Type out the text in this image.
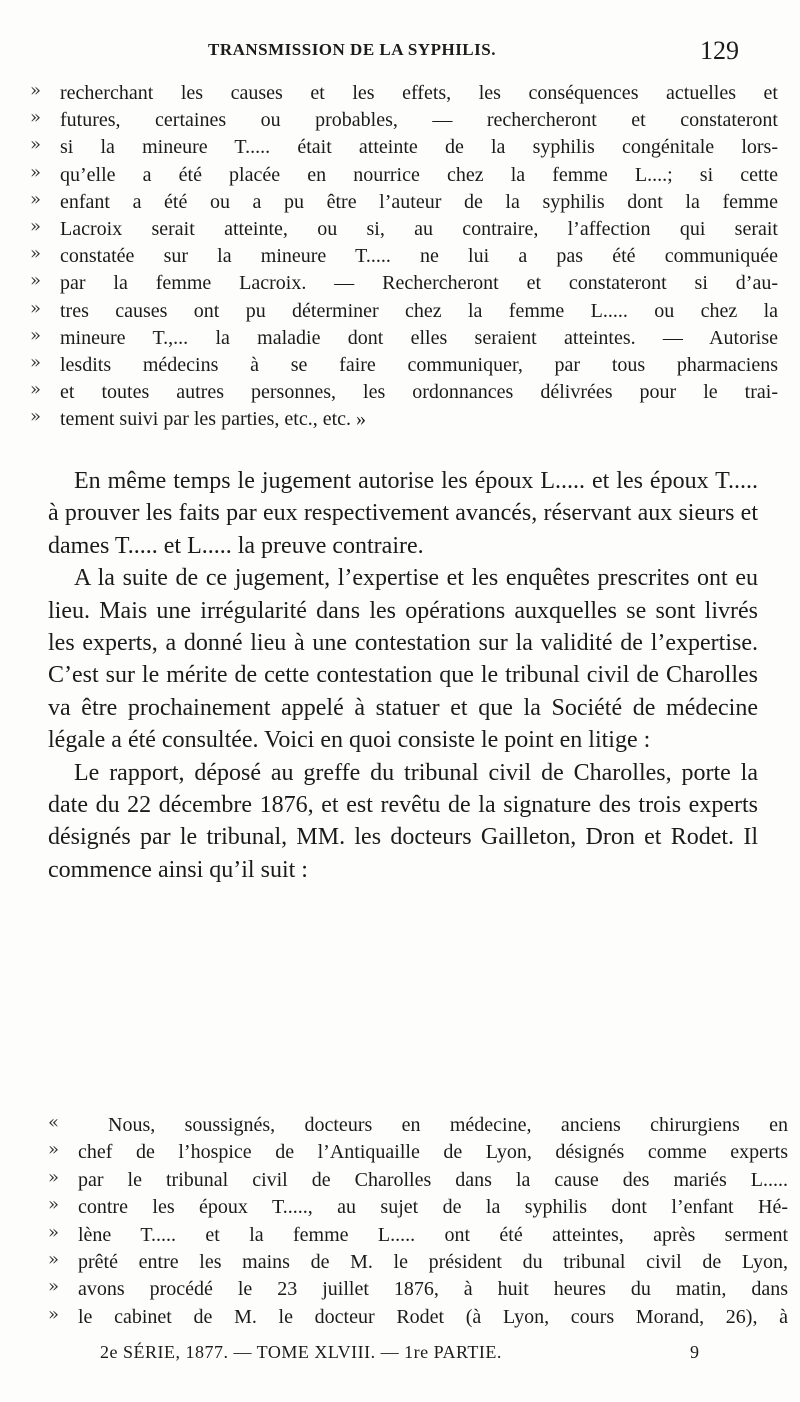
TRANSMISSION DE LA SYPHILIS.	129
» recherchant les causes et les effets, les conséquences actuelles et
» futures, certaines ou probables, — rechercheront et constateront
» si la mineure T..... était atteinte de la syphilis congénitale lors-
» qu’elle a été placée en nourrice chez la femme L....; si cette
» enfant a été ou a pu être l’auteur de la syphilis dont la femme
» Lacroix serait atteinte, ou si, au contraire, l’affection qui serait
» constatée sur la mineure T..... ne lui a pas été communiquée
» par la femme Lacroix. — Rechercheront et constateront si d’au-
» tres causes ont pu déterminer chez la femme L..... ou chez la
» mineure T.,... la maladie dont elles seraient atteintes. — Autorise
» lesdits médecins à se faire communiquer, par tous pharmaciens
» et toutes autres personnes, les ordonnances délivrées pour le trai-
» tement suivi par les parties, etc., etc. »

En même temps le jugement autorise les époux L..... et les époux T..... à prouver les faits par eux respectivement avancés, réservant aux sieurs et dames T..... et L..... la preuve contraire.

A la suite de ce jugement, l’expertise et les enquêtes prescrites ont eu lieu. Mais une irrégularité dans les opérations auxquelles se sont livrés les experts, a donné lieu à une contestation sur la validité de l’expertise. C’est sur le mérite de cette contestation que le tribunal civil de Charolles va être prochainement appelé à statuer et que la Société de médecine légale a été consultée. Voici en quoi consiste le point en litige :

Le rapport, déposé au greffe du tribunal civil de Charolles, porte la date du 22 décembre 1876, et est revêtu de la signature des trois experts désignés par le tribunal, MM. les docteurs Gailleton, Dron et Rodet. Il commence ainsi qu’il suit :

« Nous, soussignés, docteurs en médecine, anciens chirurgiens en
» chef de l’hospice de l’Antiquaille de Lyon, désignés comme experts
» par le tribunal civil de Charolles dans la cause des mariés L.....
» contre les époux T....., au sujet de la syphilis dont l’enfant Hé-
» lène T..... et la femme L..... ont été atteintes, après serment
» prêté entre les mains de M. le président du tribunal civil de Lyon,
» avons procédé le 23 juillet 1876, à huit heures du matin, dans
» le cabinet de M. le docteur Rodet (à Lyon, cours Morand, 26), à
2e SÉRIE, 1877. — TOME XLVIII. — 1re PARTIE.	9
